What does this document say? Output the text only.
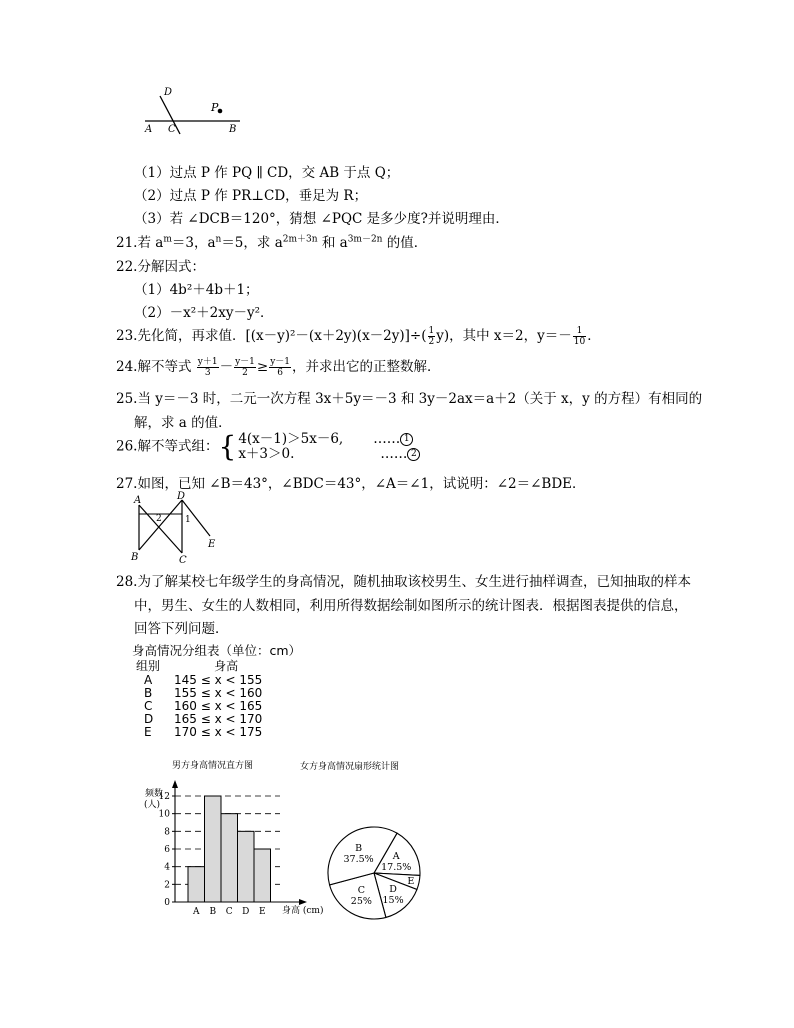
D
P
A C	B
（1）过点 P 作 PQ ∥ CD，交 AB 于点 Q；
（2）过点 P 作 PR⊥CD，垂足为 R；
（3）若 ∠DCB＝120°，猜想 ∠PQC 是多少度?并说明理由．
21.若 $a^m=3$，$a^n=5$，求 $a^{2m+3n}$ 和 $a^{3m-2n}$ 的值．
22.分解因式：
（1）4b²＋4b＋1；
（2）－x²＋2xy－y²．
23.先化简，再求值．$[(x-y)^2-(x+2y)(x-2y)]\div( \frac{1}{2} y)$，其中 x＝2，$y=- \frac{1}{10}$ ．
24.解不等式 $\frac{y+1}{3} - \frac{y-1}{2} \ge \frac{y-1}{6}$ ，并求出它的正整数解．
25.当 y＝－3 时，二元一次方程 3x＋5y＝－3 和 3y－2ax＝a＋2（关于 x，y 的方程）有相同的
解，求 a 的值．
26.解不等式组：{ 4(x－1)＞5x－6, …… 1
x＋3＞0.	…… 2
27.如图，已知 ∠B＝43°，∠BDC＝43°，∠A＝∠1，试说明：∠2＝∠BDE．
A	D
2	1
B	C
E
28.为了解某校七年级学生的身高情况，随机抽取该校男生、女生进行抽样调查，已知抽取的样本
中，男生、女生的人数相同，利用所得数据绘制如图所示的统计图表．根据图表提供的信息，
回答下列问题．
身高情况分组表（单位：cm）
组别	身高
A	145 ≤ x < 155
B	155 ≤ x < 160
C	160 ≤ x < 165
D	165 ≤ x < 170
E	170 ≤ x < 175
男方身高情况直方图
频数
(人)
0
2
4
6
8
10
12
A B C D E 身高 (cm)
女方身高情况扇形统计图
A 17.5%
E
D 15%
C 25%
B 37.5%
